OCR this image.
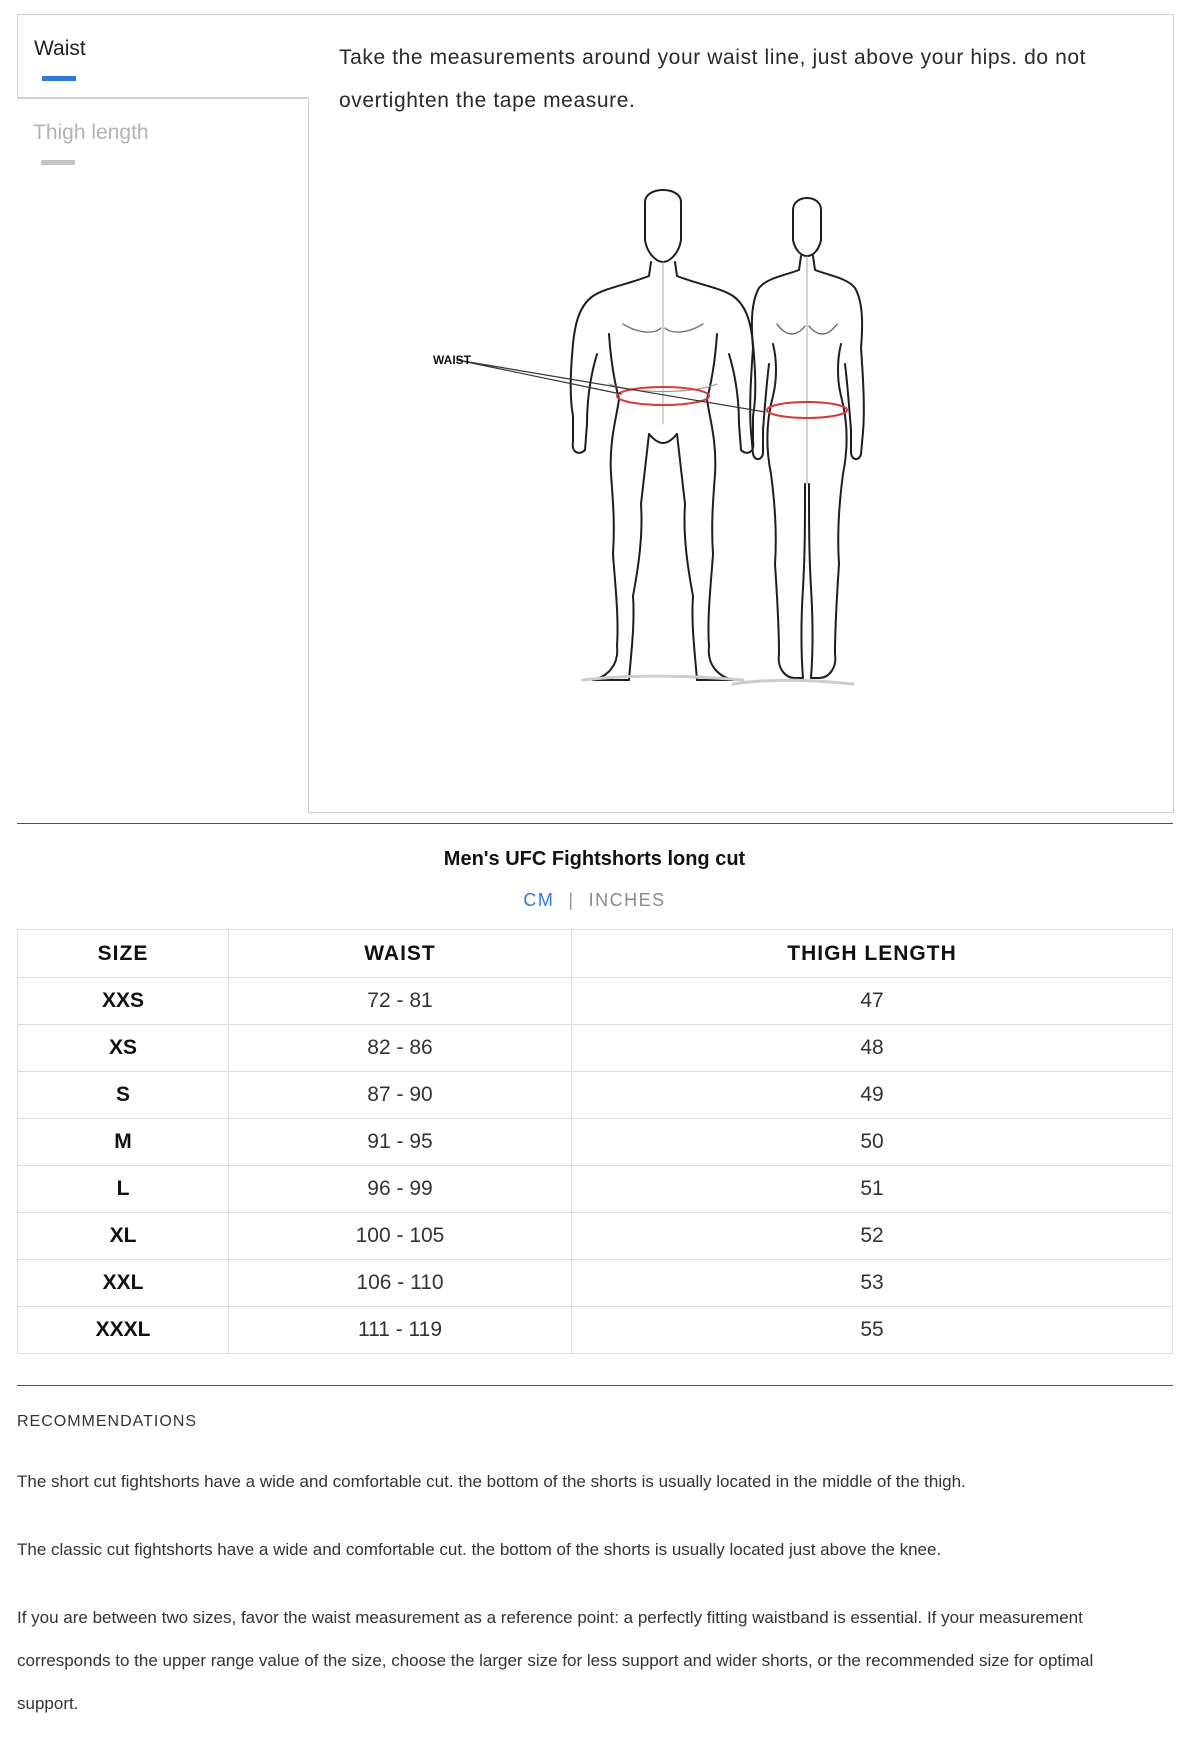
Waist
Thigh length

Take the measurements around your waist line, just above your hips. do not overtighten the tape measure.

WAIST
Men's UFC Fightshorts long cut
CM | INCHES
SIZE	WAIST	THIGH LENGTH
XXS	72 - 81	47
XS	82 - 86	48
S	87 - 90	49
M	91 - 95	50
L	96 - 99	51
XL	100 - 105	52
XXL	106 - 110	53
XXXL	111 - 119	55
RECOMMENDATIONS

The short cut fightshorts have a wide and comfortable cut. the bottom of the shorts is usually located in the middle of the thigh.

The classic cut fightshorts have a wide and comfortable cut. the bottom of the shorts is usually located just above the knee.

If you are between two sizes, favor the waist measurement as a reference point: a perfectly fitting waistband is essential. If your measurement corresponds to the upper range value of the size, choose the larger size for less support and wider shorts, or the recommended size for optimal support.
